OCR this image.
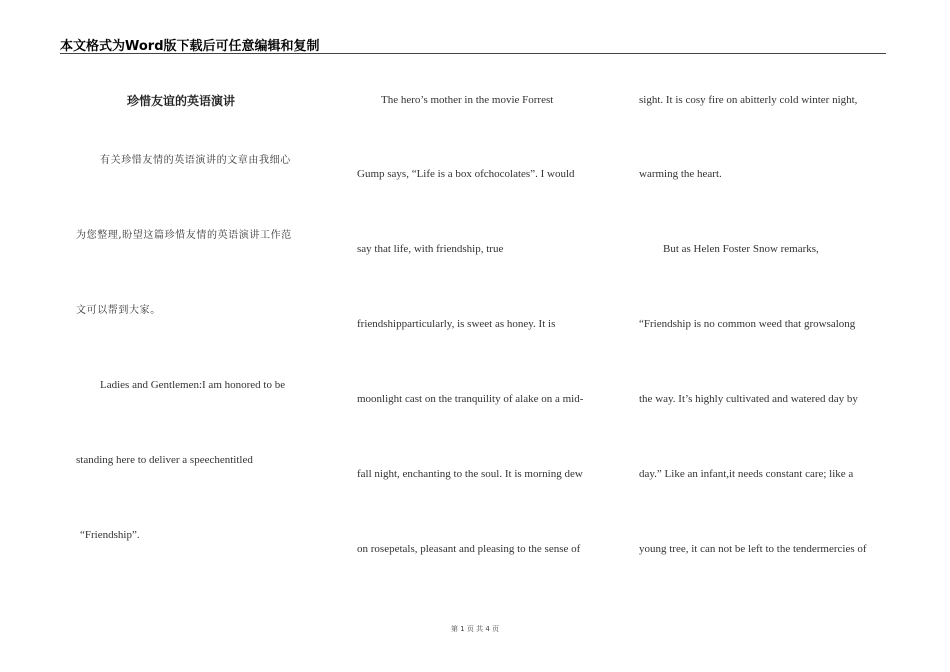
本文格式为Word版下载后可任意编辑和复制
珍惜友谊的英语演讲
有关珍惜友情的英语演讲的文章由我细心
为您整理,盼望这篇珍惜友情的英语演讲工作范
文可以帮到大家。
Ladies and Gentlemen:I am honored to be
standing here to deliver a speechentitled
“Friendship”.
The hero’s mother in the movie Forrest
Gump says, “Life is a box ofchocolates”. I would
say that life, with friendship, true
friendshipparticularly, is sweet as honey. It is
moonlight cast on the tranquility of alake on a mid-
fall night, enchanting to the soul. It is morning dew
on rosepetals, pleasant and pleasing to the sense of
sight. It is cosy fire on abitterly cold winter night,
warming the heart.
But as Helen Foster Snow remarks,
“Friendship is no common weed that growsalong
the way. It’s highly cultivated and watered day by
day.” Like an infant,it needs constant care; like a
young tree, it can not be left to the tendermercies of
第 1 页 共 4 页
